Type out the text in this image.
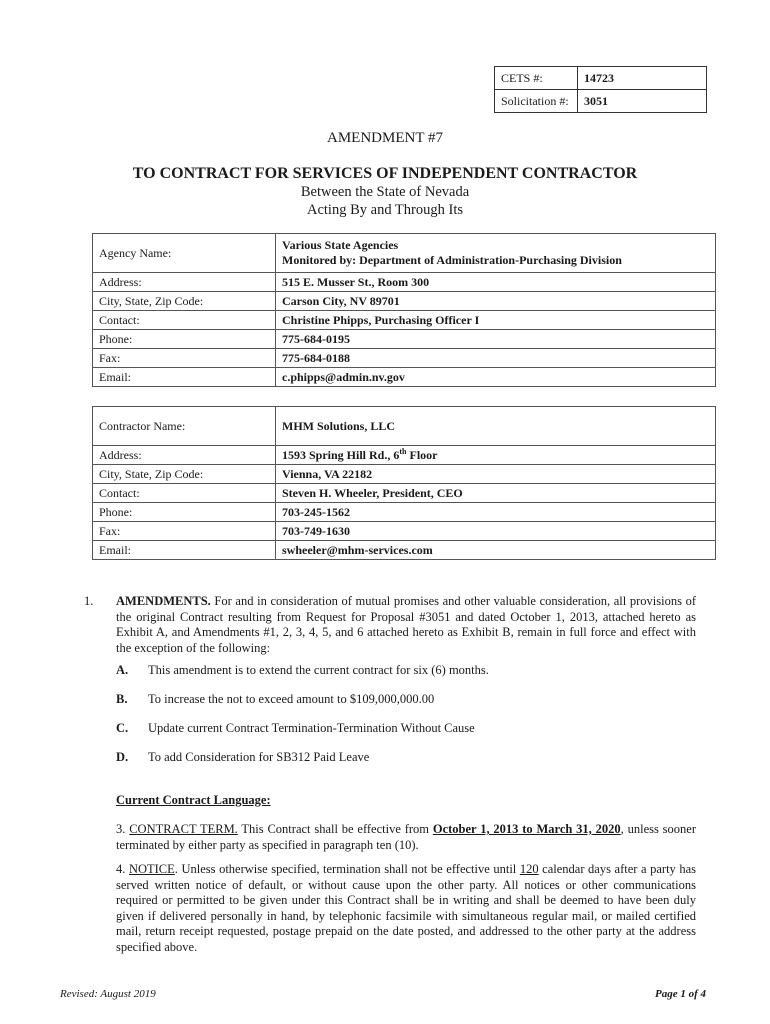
CETS #:	14723
Solicitation #:	3051
AMENDMENT #7
TO CONTRACT FOR SERVICES OF INDEPENDENT CONTRACTOR
Between the State of Nevada
Acting By and Through Its
Agency Name:	Various State Agencies
Monitored by: Department of Administration-Purchasing Division

Address:	515 E. Musser St., Room 300
City, State, Zip Code:	Carson City, NV 89701
Contact:	Christine Phipps, Purchasing Officer I
Phone:	775-684-0195
Fax:	775-684-0188
Email:	c.phipps@admin.nv.gov
Contractor Name:	MHM Solutions, LLC
Address:	1593 Spring Hill Rd., 6th Floor
City, State, Zip Code:	Vienna, VA 22182
Contact:	Steven H. Wheeler, President, CEO
Phone:	703-245-1562
Fax:	703-749-1630
Email:	swheeler@mhm-services.com
1. AMENDMENTS. For and in consideration of mutual promises and other valuable consideration, all provisions of the original Contract resulting from Request for Proposal #3051 and dated October 1, 2013, attached hereto as Exhibit A, and Amendments #1, 2, 3, 4, 5, and 6 attached hereto as Exhibit B, remain in full force and effect with the exception of the following:
A. This amendment is to extend the current contract for six (6) months.
B. To increase the not to exceed amount to $109,000,000.00
C. Update current Contract Termination-Termination Without Cause
D. To add Consideration for SB312 Paid Leave
Current Contract Language:
3. CONTRACT TERM. This Contract shall be effective from October 1, 2013 to March 31, 2020, unless sooner terminated by either party as specified in paragraph ten (10).
4. NOTICE. Unless otherwise specified, termination shall not be effective until 120 calendar days after a party has served written notice of default, or without cause upon the other party. All notices or other communications required or permitted to be given under this Contract shall be in writing and shall be deemed to have been duly given if delivered personally in hand, by telephonic facsimile with simultaneous regular mail, or mailed certified mail, return receipt requested, postage prepaid on the date posted, and addressed to the other party at the address specified above.
Revised: August 2019	Page 1 of 4
